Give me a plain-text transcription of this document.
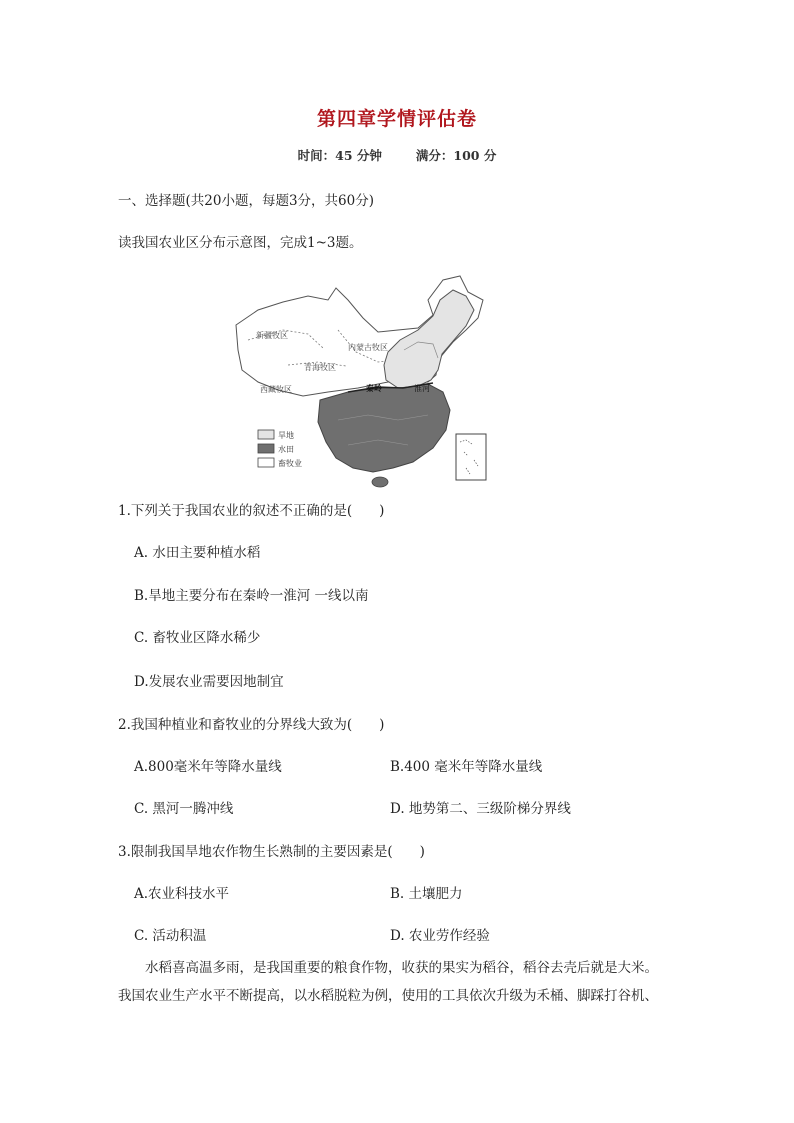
第四章学情评估卷
时间：45 分钟	满分：100 分
一、选择题(共20小题，每题3分，共60分)
读我国农业区分布示意图，完成1~3题。
新疆牧区
内蒙古牧区
青海牧区
西藏牧区	秦岭	淮河
旱地
水田
畜牧业
1.下列关于我国农业的叙述不正确的是(　　)
A. 水田主要种植水稻
B.旱地主要分布在秦岭一淮河 一线以南
C. 畜牧业区降水稀少
D.发展农业需要因地制宜
2.我国种植业和畜牧业的分界线大致为(　　)
A.800毫米年等降水量线	B.400 毫米年等降水量线
C. 黑河一腾冲线	D. 地势第二、三级阶梯分界线
3.限制我国旱地农作物生长熟制的主要因素是(　　)
A.农业科技水平	B. 土壤肥力
C. 活动积温	D. 农业劳作经验
水稻喜高温多雨，是我国重要的粮食作物，收获的果实为稻谷，稻谷去壳后就是大米。
我国农业生产水平不断提高，以水稻脱粒为例，使用的工具依次升级为禾桶、脚踩打谷机、
